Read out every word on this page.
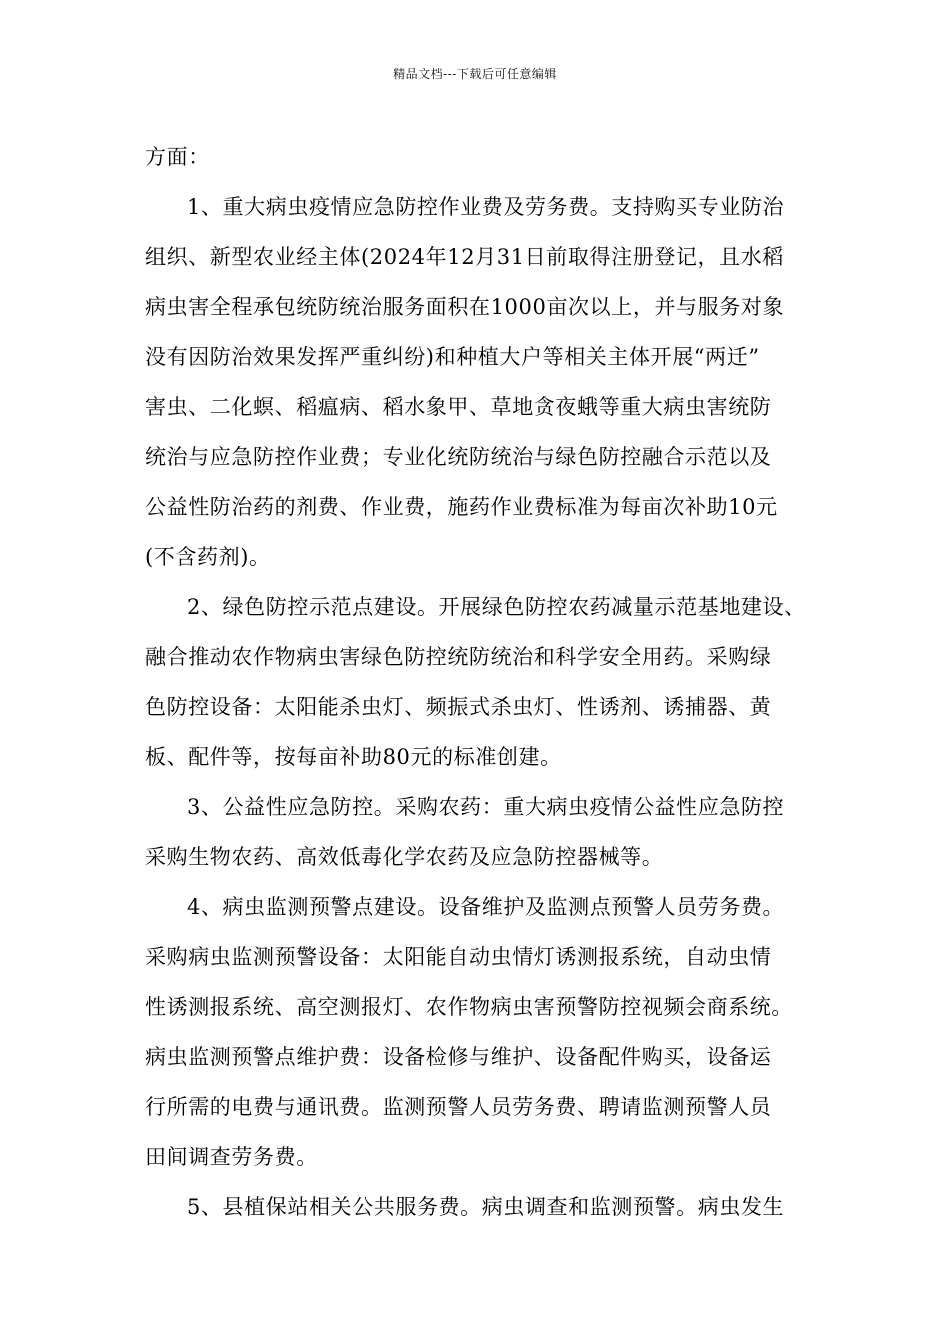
精品文档---下载后可任意编辑
方面：
1、重大病虫疫情应急防控作业费及劳务费。支持购买专业防治
组织、新型农业经主体(2024年12月31日前取得注册登记，且水稻
病虫害全程承包统防统治服务面积在1000亩次以上，并与服务对象
没有因防治效果发挥严重纠纷)和种植大户等相关主体开展“两迁”
害虫、二化螟、稻瘟病、稻水象甲、草地贪夜蛾等重大病虫害统防
统治与应急防控作业费；专业化统防统治与绿色防控融合示范以及
公益性防治药的剂费、作业费，施药作业费标准为每亩次补助10元
(不含药剂)。
2、绿色防控示范点建设。开展绿色防控农药减量示范基地建设、
融合推动农作物病虫害绿色防控统防统治和科学安全用药。采购绿
色防控设备：太阳能杀虫灯、频振式杀虫灯、性诱剂、诱捕器、黄
板、配件等，按每亩补助80元的标准创建。
3、公益性应急防控。采购农药：重大病虫疫情公益性应急防控
采购生物农药、高效低毒化学农药及应急防控器械等。
4、病虫监测预警点建设。设备维护及监测点预警人员劳务费。
采购病虫监测预警设备：太阳能自动虫情灯诱测报系统，自动虫情
性诱测报系统、高空测报灯、农作物病虫害预警防控视频会商系统。
病虫监测预警点维护费：设备检修与维护、设备配件购买，设备运
行所需的电费与通讯费。监测预警人员劳务费、聘请监测预警人员
田间调查劳务费。
5、县植保站相关公共服务费。病虫调查和监测预警。病虫发生
